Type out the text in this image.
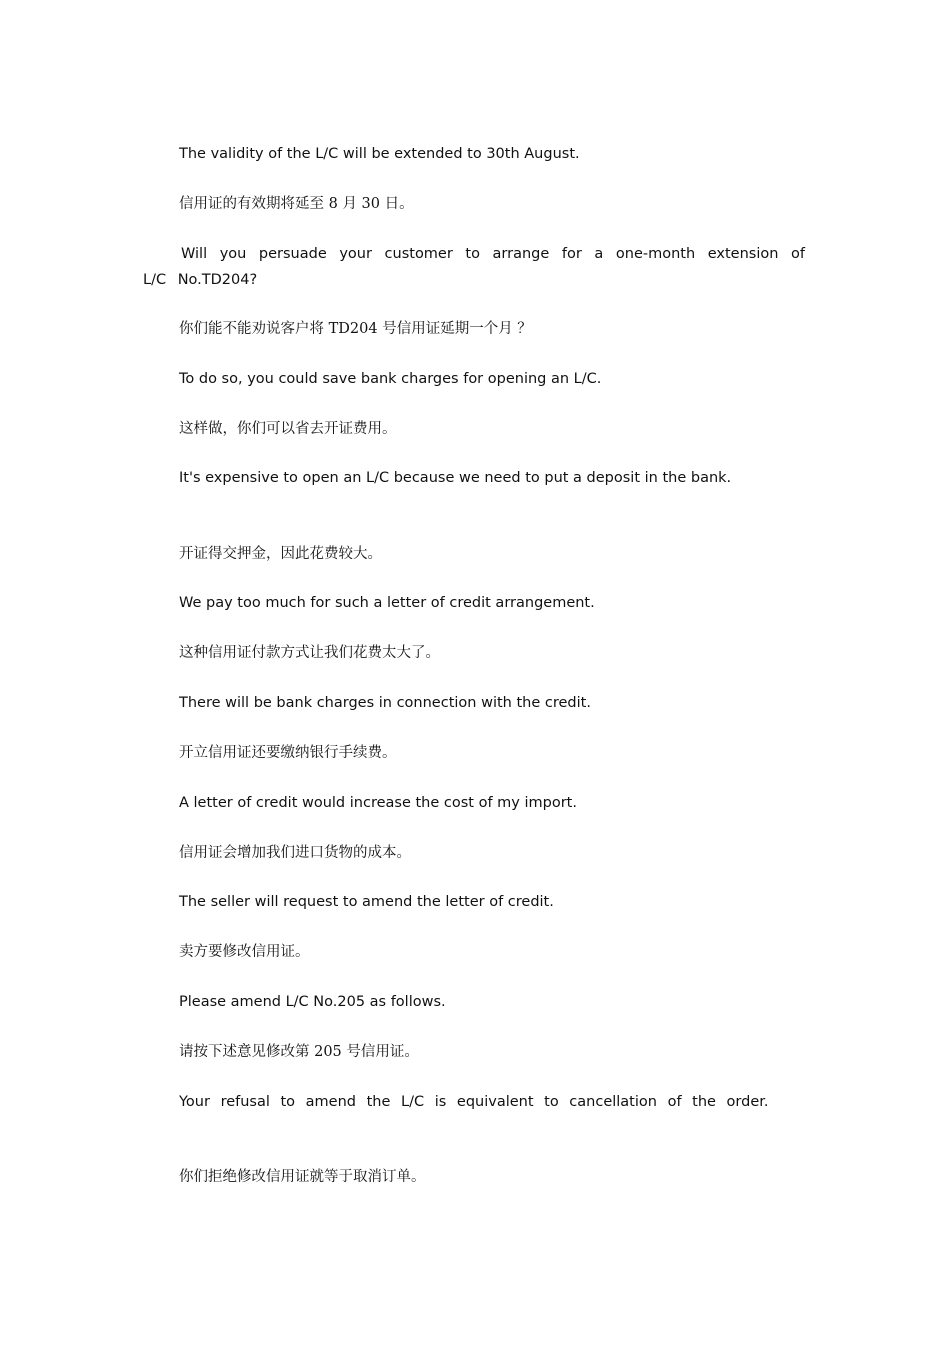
The validity of the L/C will be extended to 30th August.
信用证的有效期将延至 8 月 30 日。
Will you persuade your customer to arrange for a one-month extension of L/C No.TD204?
你们能不能劝说客户将 TD204 号信用证延期一个月 ？
To do so, you could save bank charges for opening an L/C.
这样做，你们可以省去开证费用。
It's expensive to open an L/C because we need to put a deposit in the bank.
开证得交押金，因此花费较大。
We pay too much for such a letter of credit arrangement.
这种信用证付款方式让我们花费太大了。
There will be bank charges in connection with the credit.
开立信用证还要缴纳银行手续费。
A letter of credit would increase the cost of my import.
信用证会增加我们进口货物的成本。
The seller will request to amend the letter of credit.
卖方要修改信用证。
Please amend L/C No.205 as follows.
请按下述意见修改第 205 号信用证。
Your refusal to amend the L/C is equivalent to cancellation of the order.
你们拒绝修改信用证就等于取消订单。
